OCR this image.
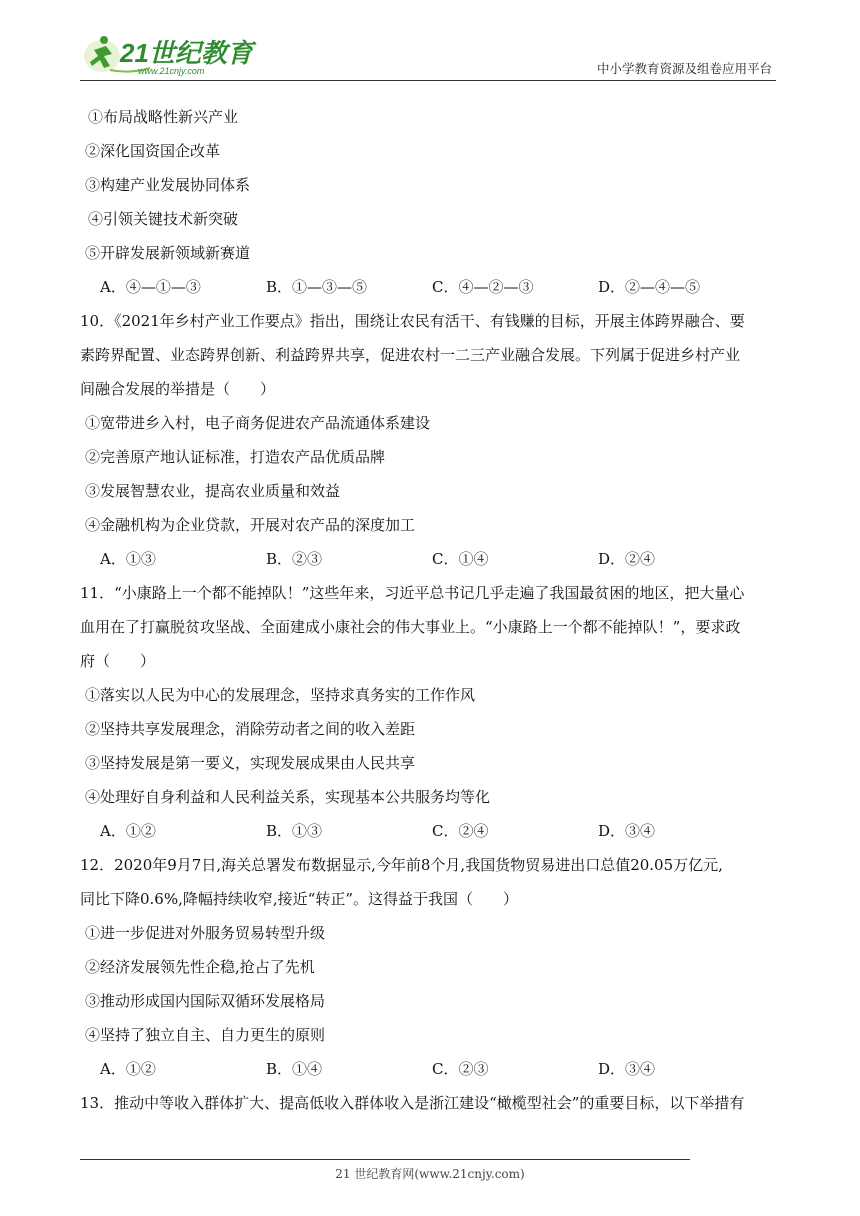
21世纪教育
www.21cnjy.com	中小学教育资源及组卷应用平台
①布局战略性新兴产业
②深化国资国企改革
③构建产业发展协同体系
④引领关键技术新突破
⑤开辟发展新领域新赛道
A．④—①—③	B．①—③—⑤	C．④—②—③	D．②—④—⑤
10．《2021年乡村产业工作要点》指出，围绕让农民有活干、有钱赚的目标，开展主体跨界融合、要
素跨界配置、业态跨界创新、利益跨界共享，促进农村一二三产业融合发展。下列属于促进乡村产业
间融合发展的举措是（　　）
①宽带进乡入村，电子商务促进农产品流通体系建设
②完善原产地认证标准，打造农产品优质品牌
③发展智慧农业，提高农业质量和效益
④金融机构为企业贷款，开展对农产品的深度加工
A．①③	B．②③	C．①④	D．②④
11．“小康路上一个都不能掉队！”这些年来，习近平总书记几乎走遍了我国最贫困的地区，把大量心
血用在了打赢脱贫攻坚战、全面建成小康社会的伟大事业上。“小康路上一个都不能掉队！”，要求政
府（　　）
①落实以人民为中心的发展理念，坚持求真务实的工作作风
②坚持共享发展理念，消除劳动者之间的收入差距
③坚持发展是第一要义，实现发展成果由人民共享
④处理好自身利益和人民利益关系，实现基本公共服务均等化
A．①②	B．①③	C．②④	D．③④
12．2020年9月7日,海关总署发布数据显示,今年前8个月,我国货物贸易进出口总值20.05万亿元,
同比下降0.6%,降幅持续收窄,接近“转正”。这得益于我国（　　）
①进一步促进对外服务贸易转型升级
②经济发展领先性企稳,抢占了先机
③推动形成国内国际双循环发展格局
④坚持了独立自主、自力更生的原则
A．①②	B．①④	C．②③	D．③④
13．推动中等收入群体扩大、提高低收入群体收入是浙江建设“橄榄型社会”的重要目标，以下举措有
21 世纪教育网(www.21cnjy.com)
